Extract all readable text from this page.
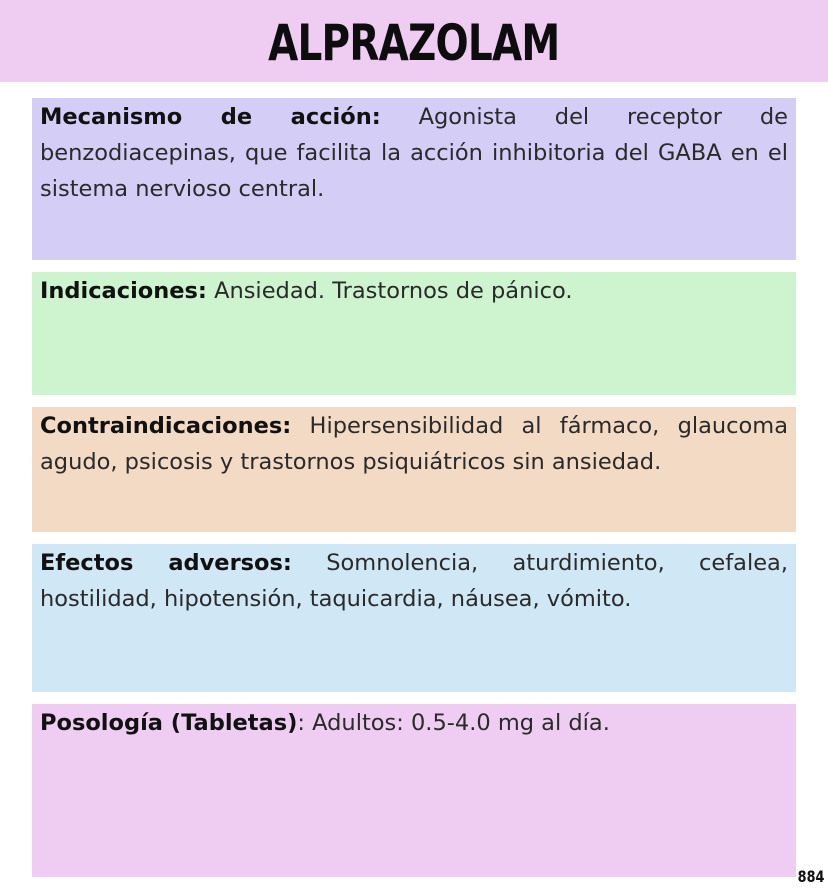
ALPRAZOLAM
Mecanismo de acción: Agonista del receptor de benzodiacepinas, que facilita la acción inhibitoria del GABA en el sistema nervioso central.
Indicaciones: Ansiedad. Trastornos de pánico.
Contraindicaciones: Hipersensibilidad al fármaco, glaucoma agudo, psicosis y trastornos psiquiátricos sin ansiedad.
Efectos adversos: Somnolencia, aturdimiento, cefalea, hostilidad, hipotensión, taquicardia, náusea, vómito.
Posología (Tabletas): Adultos: 0.5-4.0 mg al día.
884
